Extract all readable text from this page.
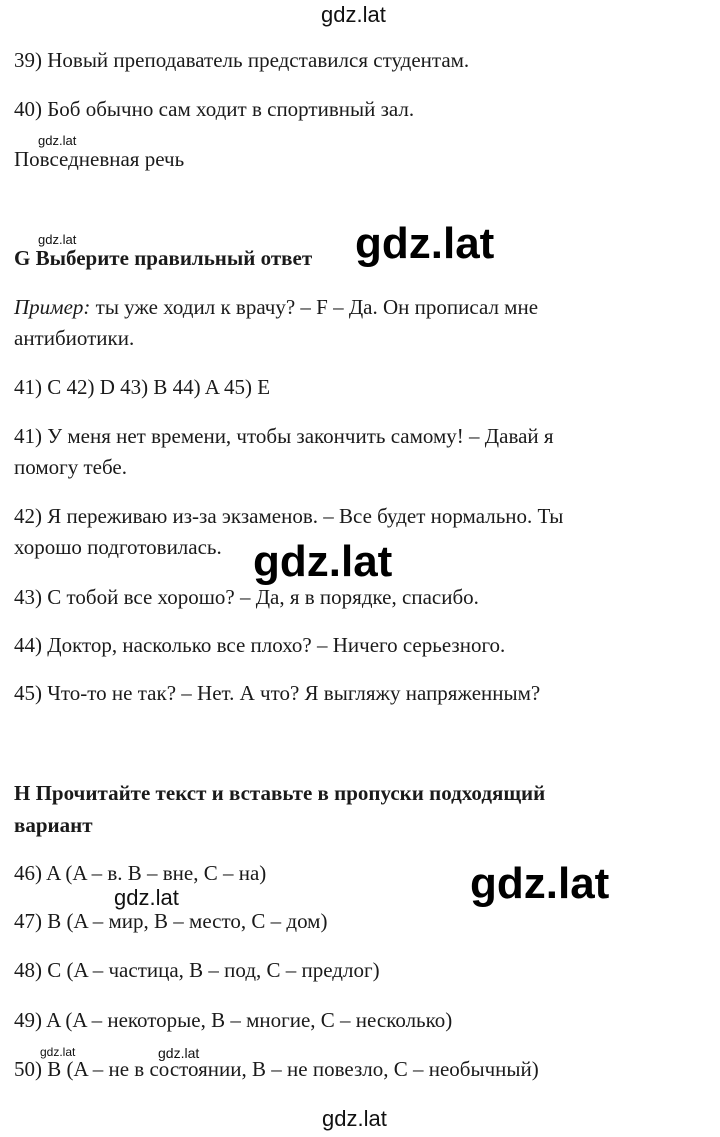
gdz.lat
39) Новый преподаватель представился студентам.
40) Боб обычно сам ходит в спортивный зал.
gdz.lat
Повседневная речь
gdz.lat
G Выберите правильный ответ gdz.lat
Пример: ты уже ходил к врачу? – F – Да. Он прописал мне
антибиотики.
41) C 42) D 43) B 44) A 45) E
41) У меня нет времени, чтобы закончить самому! – Давай я
помогу тебе.
42) Я переживаю из-за экзаменов. – Все будет нормально. Ты
хорошо подготовилась. gdz.lat
43) С тобой все хорошо? – Да, я в порядке, спасибо.
44) Доктор, насколько все плохо? – Ничего серьезного.
45) Что-то не так? – Нет. А что? Я выгляжу напряженным?
H Прочитайте текст и вставьте в пропуски подходящий
вариант
46) A (A – в. B – вне, C – на)	gdz.lat
gdz.lat
47) B (A – мир, B – место, C – дом)
48) C (A – частица, B – под, C – предлог)
49) A (A – некоторые, B – многие, C – несколько)
gdz.lat	gdz.lat
50) B (A – не в состоянии, B – не повезло, C – необычный)
gdz.lat
